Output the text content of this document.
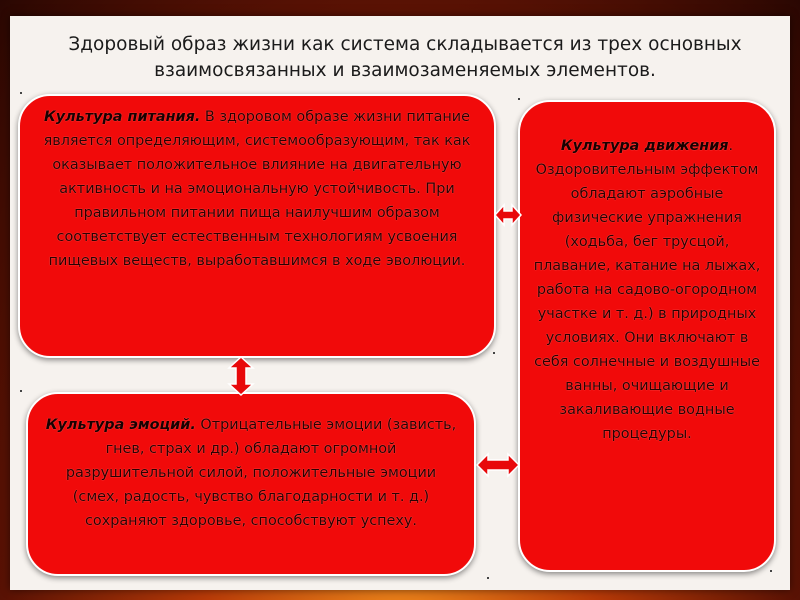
Здоровый образ жизни как система складывается из трех основных взаимосвязанных и взаимозаменяемых элементов.
Культура питания. В здоровом образе жизни питание является определяющим, системообразующим, так как оказывает положительное влияние на двигательную активность и на эмоциональную устойчивость. При правильном питании пища наилучшим образом соответствует естественным технологиям усвоения пищевых веществ, выработавшимся в ходе эволюции.
Культура эмоций. Отрицательные эмоции (зависть, гнев, страх и др.) обладают огромной разрушительной силой, положительные эмоции (смех, радость, чувство благодарности и т. д.) сохраняют здоровье, способствуют успеху.
Культура движения. Оздоровительным эффектом обладают аэробные физические упражнения (ходьба, бег трусцой, плавание, катание на лыжах, работа на садово-огородном участке и т. д.) в природных условиях. Они включают в себя солнечные и воздушные ванны, очищающие и закаливающие водные процедуры.
